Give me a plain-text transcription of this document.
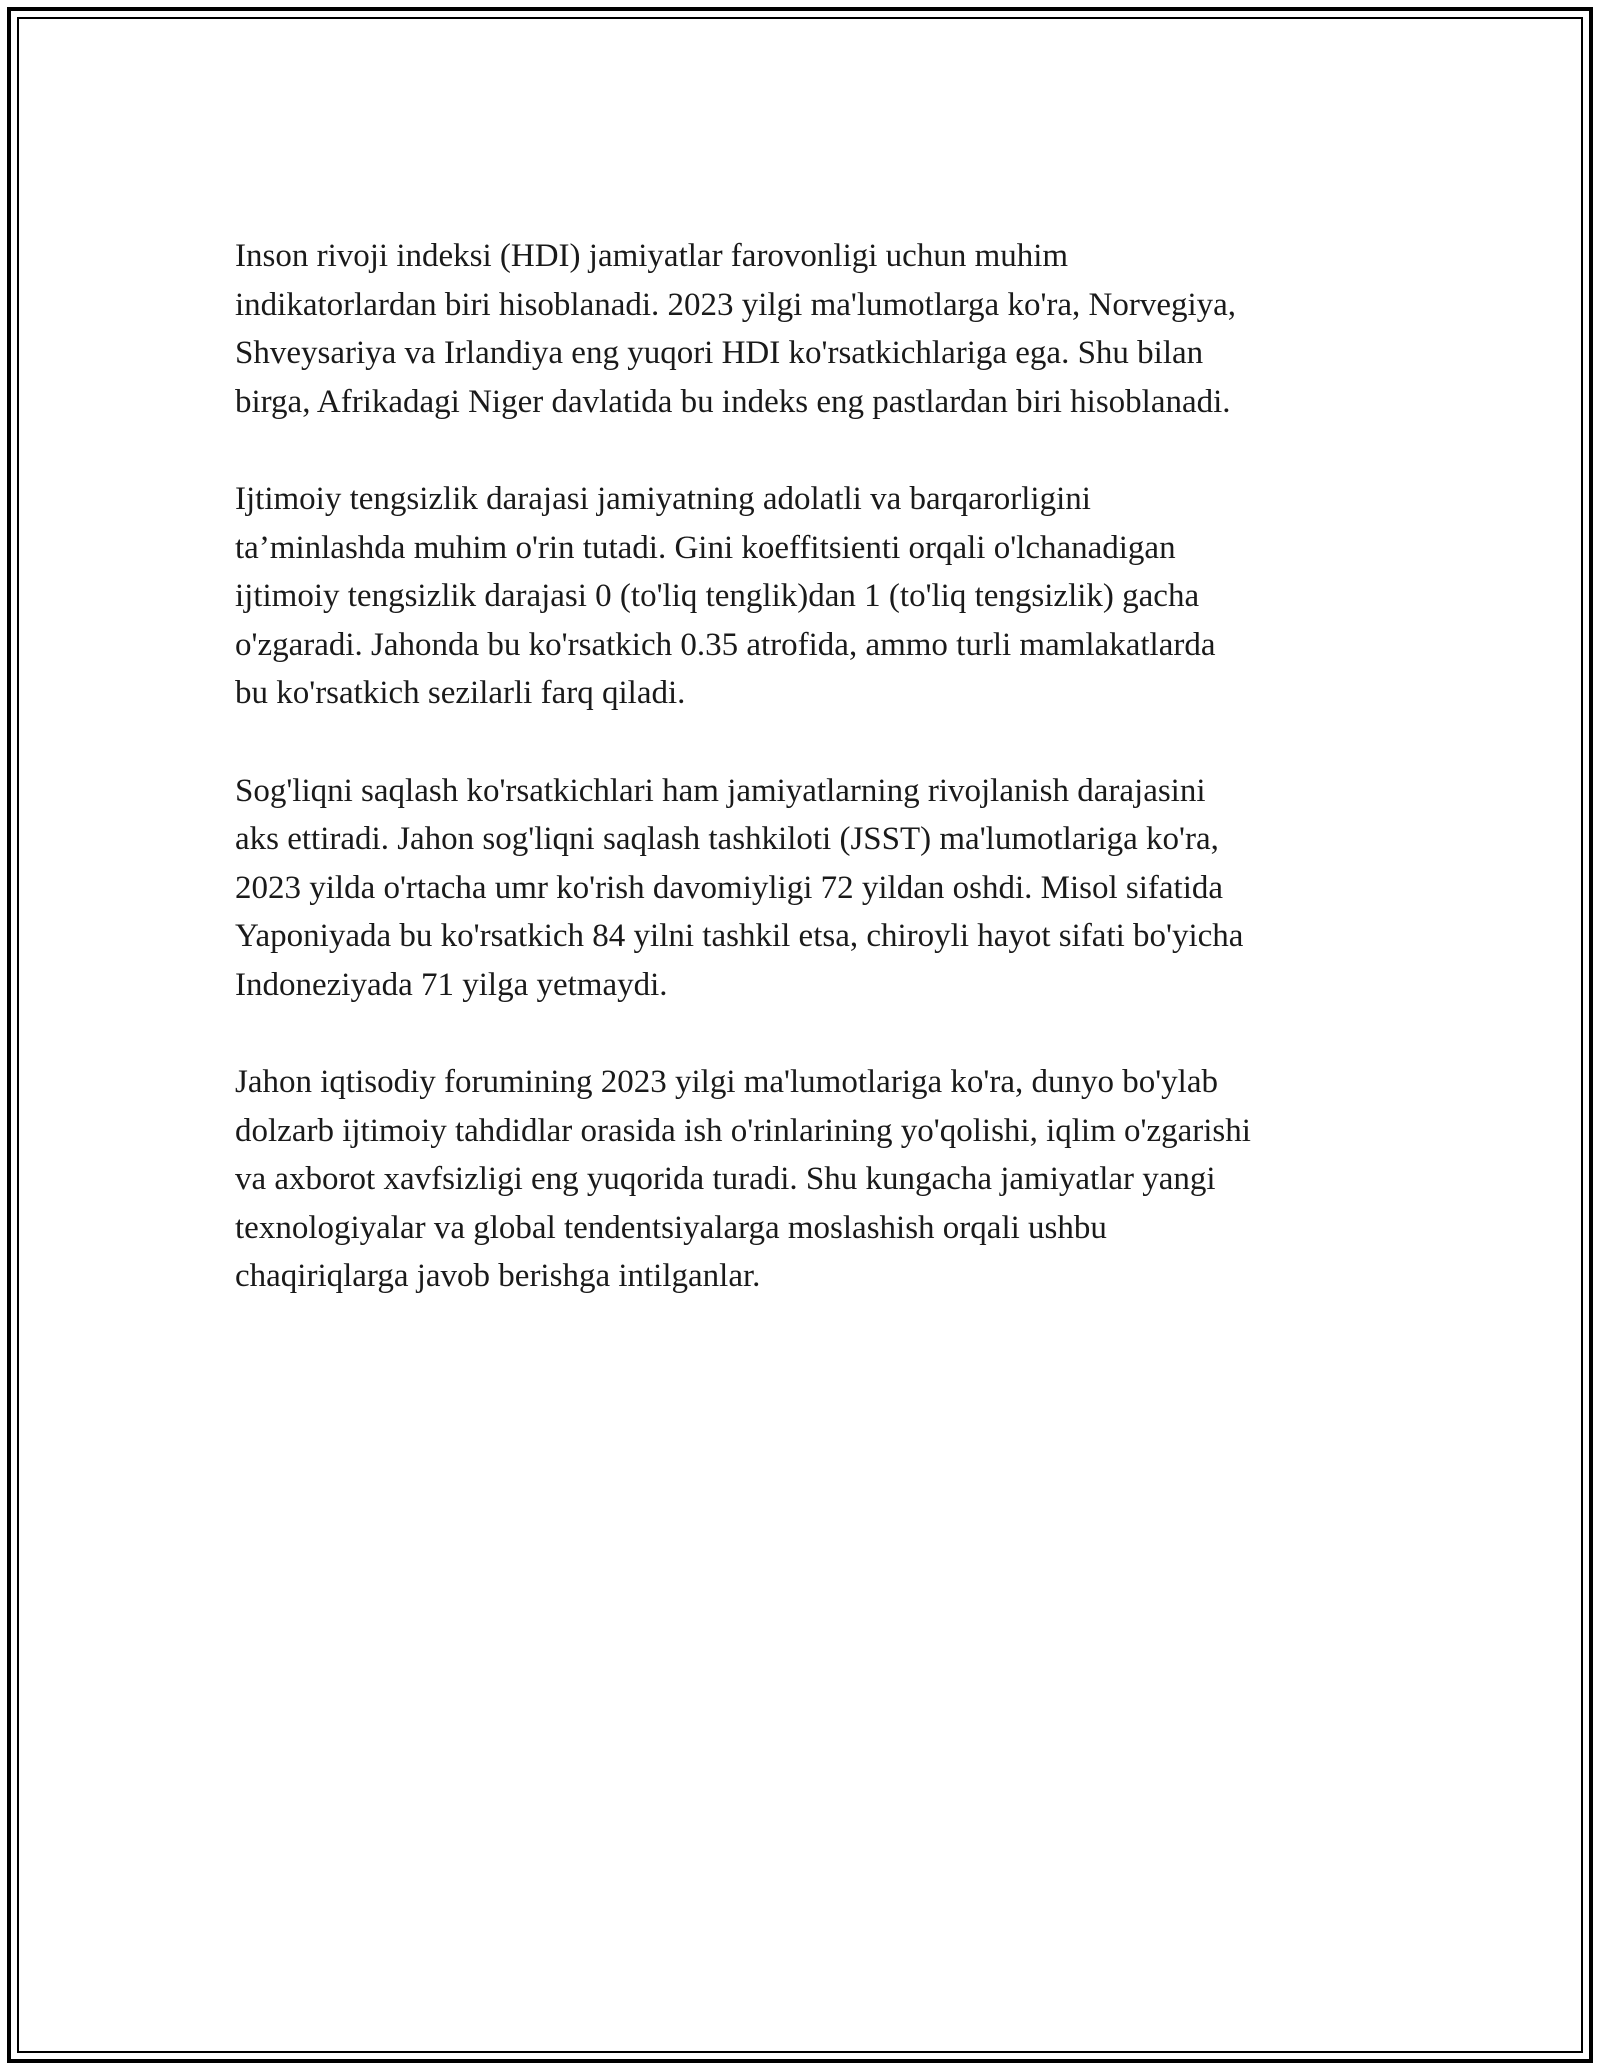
Inson rivoji indeksi (HDI) jamiyatlar farovonligi uchun muhim
indikatorlardan biri hisoblanadi. 2023 yilgi ma'lumotlarga ko'ra, Norvegiya,
Shveysariya va Irlandiya eng yuqori HDI ko'rsatkichlariga ega. Shu bilan
birga, Afrikadagi Niger davlatida bu indeks eng pastlardan biri hisoblanadi.

Ijtimoiy tengsizlik darajasi jamiyatning adolatli va barqarorligini
ta’minlashda muhim o'rin tutadi. Gini koeffitsienti orqali o'lchanadigan
ijtimoiy tengsizlik darajasi 0 (to'liq tenglik)dan 1 (to'liq tengsizlik) gacha
o'zgaradi. Jahonda bu ko'rsatkich 0.35 atrofida, ammo turli mamlakatlarda
bu ko'rsatkich sezilarli farq qiladi.

Sog'liqni saqlash ko'rsatkichlari ham jamiyatlarning rivojlanish darajasini
aks ettiradi. Jahon sog'liqni saqlash tashkiloti (JSST) ma'lumotlariga ko'ra,
2023 yilda o'rtacha umr ko'rish davomiyligi 72 yildan oshdi. Misol sifatida
Yaponiyada bu ko'rsatkich 84 yilni tashkil etsa, chiroyli hayot sifati bo'yicha
Indoneziyada 71 yilga yetmaydi.

Jahon iqtisodiy forumining 2023 yilgi ma'lumotlariga ko'ra, dunyo bo'ylab
dolzarb ijtimoiy tahdidlar orasida ish o'rinlarining yo'qolishi, iqlim o'zgarishi
va axborot xavfsizligi eng yuqorida turadi. Shu kungacha jamiyatlar yangi
texnologiyalar va global tendentsiyalarga moslashish orqali ushbu
chaqiriqlarga javob berishga intilganlar.
